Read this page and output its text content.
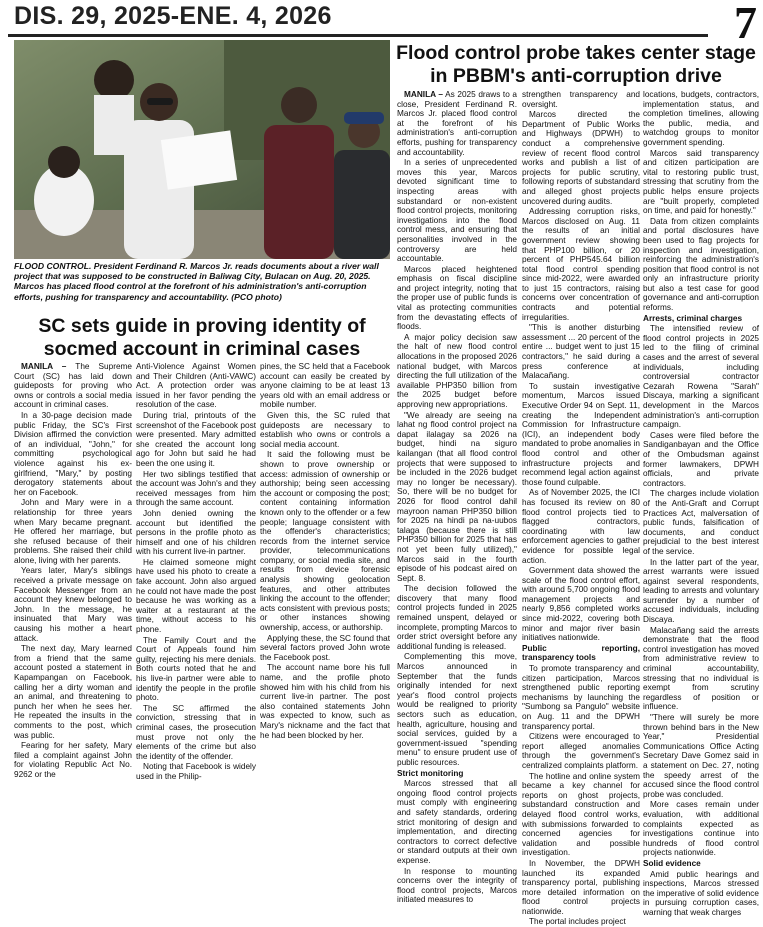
DIS. 29, 2025-ENE. 4, 2026	7
FLOOD CONTROL. President Ferdinand R. Marcos Jr. reads documents about a river wall project that was supposed to be constructed in Baliwag City, Bulacan on Aug. 20, 2025. Marcos has placed flood control at the forefront of his administration's anti-corruption efforts, pushing for transparency and accountability. (PCO photo)
Flood control probe takes center stage in PBBM's anti-corruption drive
SC sets guide in proving identity of socmed account in criminal cases

MANILA – The Supreme Court (SC) has laid down guideposts for proving who owns or controls a social media account in criminal cases.

In a 30-page decision made public Friday, the SC's First Division affirmed the conviction of an individual, "John," for committing psychological violence against his ex-girlfriend, "Mary," by posting derogatory statements about her on Facebook.

John and Mary were in a relationship for three years when Mary became pregnant. He offered her marriage, but she refused because of their problems. She raised their child alone, living with her parents.

Years later, Mary's siblings received a private message on Facebook Messenger from an account they knew belonged to John. In the message, he insinuated that Mary was causing his mother a heart attack.

The next day, Mary learned from a friend that the same account posted a statement in Kapampangan on Facebook, calling her a dirty woman and an animal, and threatening to punch her when he sees her. He repeated the insults in the comments to the post, which was public.

Fearing for her safety, Mary filed a complaint against John for violating Republic Act No. 9262 or the

Anti-Violence Against Women and Their Children (Anti-VAWC) Act. A protection order was issued in her favor pending the resolution of the case.

During trial, printouts of the screenshot of the Facebook post were presented. Mary admitted she created the account long ago for John but said he had been the one using it.

Her two siblings testified that the account was John's and they received messages from him through the same account.

John denied owning the account but identified the persons in the profile photo as himself and one of his children with his current live-in partner.

He claimed someone might have used his photo to create a fake account. John also argued he could not have made the post because he was working as a waiter at a restaurant at the time, without access to his phone.

The Family Court and the Court of Appeals found him guilty, rejecting his mere denials. Both courts noted that he and his live-in partner were able to identify the people in the profile photo.

The SC affirmed the conviction, stressing that in criminal cases, the prosecution must prove not only the elements of the crime but also the identity of the offender.

Noting that Facebook is widely used in the Philip-

pines, the SC held that a Facebook account can easily be created by anyone claiming to be at least 13 years old with an email address or mobile number.

Given this, the SC ruled that guideposts are necessary to establish who owns or controls a social media account.

It said the following must be shown to prove ownership or access: admission of ownership or authorship; being seen accessing the account or composing the post; content containing information known only to the offender or a few people; language consistent with the offender's characteristics; records from the internet service provider, telecommunications company, or social media site, and results from device forensic analysis showing geolocation features, and other attributes linking the account to the offender; acts consistent with previous posts; or other instances showing ownership, access, or authorship.

Applying these, the SC found that several factors proved John wrote the Facebook post.

The account name bore his full name, and the profile photo showed him with his child from his current live-in partner. The post also contained statements John was expected to know, such as Mary's nickname and the fact that he had been blocked by her.

MANILA – As 2025 draws to a close, President Ferdinand R. Marcos Jr. placed flood control at the forefront of his administration's anti-corruption efforts, pushing for transparency and accountability.

In a series of unprecedented moves this year, Marcos devoted significant time to inspecting areas with substandard or non-existent flood control projects, monitoring investigations into the flood control mess, and ensuring that personalities involved in the controversy are held accountable.

Marcos placed heightened emphasis on fiscal discipline and project integrity, noting that the proper use of public funds is vital as protecting communities from the devastating effects of floods.

A major policy decision saw the halt of new flood control allocations in the proposed 2026 national budget, with Marcos directing the full utilization of the available PHP350 billion from the 2025 budget before approving new appropriations.

"We already are seeing na lahat ng flood control project na dapat ilalagay sa 2026 na budget, hindi na siguro kailangan (that all flood control projects that were supposed to be included in the 2026 budget may no longer be necessary). So, there will be no budget for 2026 for flood control dahil mayroon naman PHP350 billion for 2025 na hindi pa na-uubos talaga (because there is still PHP350 billion for 2025 that has not yet been fully utilized)," Marcos said in the fourth episode of his podcast aired on Sept. 8.

The decision followed the discovery that many flood control projects funded in 2025 remained unspent, delayed or incomplete, prompting Marcos to order strict oversight before any additional funding is released.

Complementing this move, Marcos announced in September that the funds originally intended for next year's flood control projects would be realigned to priority sectors such as education, health, agriculture, housing and social services, guided by a government-issued "spending menu" to ensure prudent use of public resources.

Strict monitoring

Marcos stressed that all ongoing flood control projects must comply with engineering and safety standards, ordering strict monitoring of design and implementation, and directing contractors to correct defective or standard outputs at their own expense.

In response to mounting concerns over the integrity of flood control projects, Marcos initiated measures to

strengthen transparency and oversight.

Marcos directed the Department of Public Works and Highways (DPWH) to conduct a comprehensive review of recent flood control works and publish a list of projects for public scrutiny, following reports of substandard and alleged ghost projects uncovered during audits.

Addressing corruption risks, Marcos disclosed on Aug. 11 the results of an initial government review showing that PHP100 billion, or 20 percent of PHP545.64 billion total flood control spending since mid-2022, were awarded to just 15 contractors, raising concerns over concentration of contracts and potential irregularities.

"This is another disturbing assessment ... 20 percent of the entire ... budget went to just 15 contractors," he said during a press conference at Malacañang.

To sustain investigative momentum, Marcos issued Executive Order 94 on Sept. 11, creating the Independent Commission for Infrastructure (ICI), an independent body mandated to probe anomalies in flood control and other infrastructure projects and recommend legal action against those found culpable.

As of November 2025, the ICI has focused its review on 80 flood control projects tied to flagged contractors, coordinating with law enforcement agencies to gather evidence for possible legal action.

Government data showed the scale of the flood control effort, with around 5,700 ongoing flood management projects and nearly 9,856 completed works since mid-2022, covering both minor and major river basin initiatives nationwide.

Public reporting, transparency tools

To promote transparency and citizen participation, Marcos strengthened public reporting mechanisms by launching the "Sumbong sa Pangulo" website on Aug. 11 and the DPWH transparency portal.

Citizens were encouraged to report alleged anomalies through the government's centralized complaints platform.

The hotline and online system became a key channel for reports on ghost projects, substandard construction and delayed flood control works, with submissions forwarded to concerned agencies for validation and possible investigation.

In November, the DPWH launched its expanded transparency portal, publishing more detailed information on flood control projects nationwide.

The portal includes project

locations, budgets, contractors, implementation status, and completion timelines, allowing the public, media, and watchdog groups to monitor government spending.

Marcos said transparency and citizen participation are vital to restoring public trust, stressing that scrutiny from the public helps ensure projects are "built properly, completed on time, and paid for honestly."

Data from citizen complaints and portal disclosures have been used to flag projects for inspection and investigation, reinforcing the administration's position that flood control is not only an infrastructure priority but also a test case for good governance and anti-corruption reforms.

Arrests, criminal charges

The intensified review of flood control projects in 2025 led to the filing of criminal cases and the arrest of several individuals, including controversial contractor Cezarah Rowena "Sarah" Discaya, marking a significant development in the Marcos administration's anti-corruption campaign.

Cases were filed before the Sandiganbayan and the Office of the Ombudsman against former lawmakers, DPWH officials, and private contractors.

The charges include violation of the Anti-Graft and Corrupt Practices Act, malversation of public funds, falsification of documents, and conduct prejudicial to the best interest of the service.

In the latter part of the year, arrest warrants were issued against several respondents, leading to arrests and voluntary surrender by a number of accused individuals, including Discaya.

Malacañang said the arrests demonstrate that the flood control investigation has moved from administrative review to criminal accountability, stressing that no individual is exempt from scrutiny regardless of position or influence.

"There will surely be more thrown behind bars in the New Year," Presidential Communications Office Acting Secretary Dave Gomez said in a statement on Dec. 27, noting the speedy arrest of the accused since the flood control probe was concluded.

More cases remain under evaluation, with additional complaints expected as investigations continue into hundreds of flood control projects nationwide.

Solid evidence

Amid public hearings and inspections, Marcos stressed the imperative of solid evidence in pursuing corruption cases, warning that weak charges
